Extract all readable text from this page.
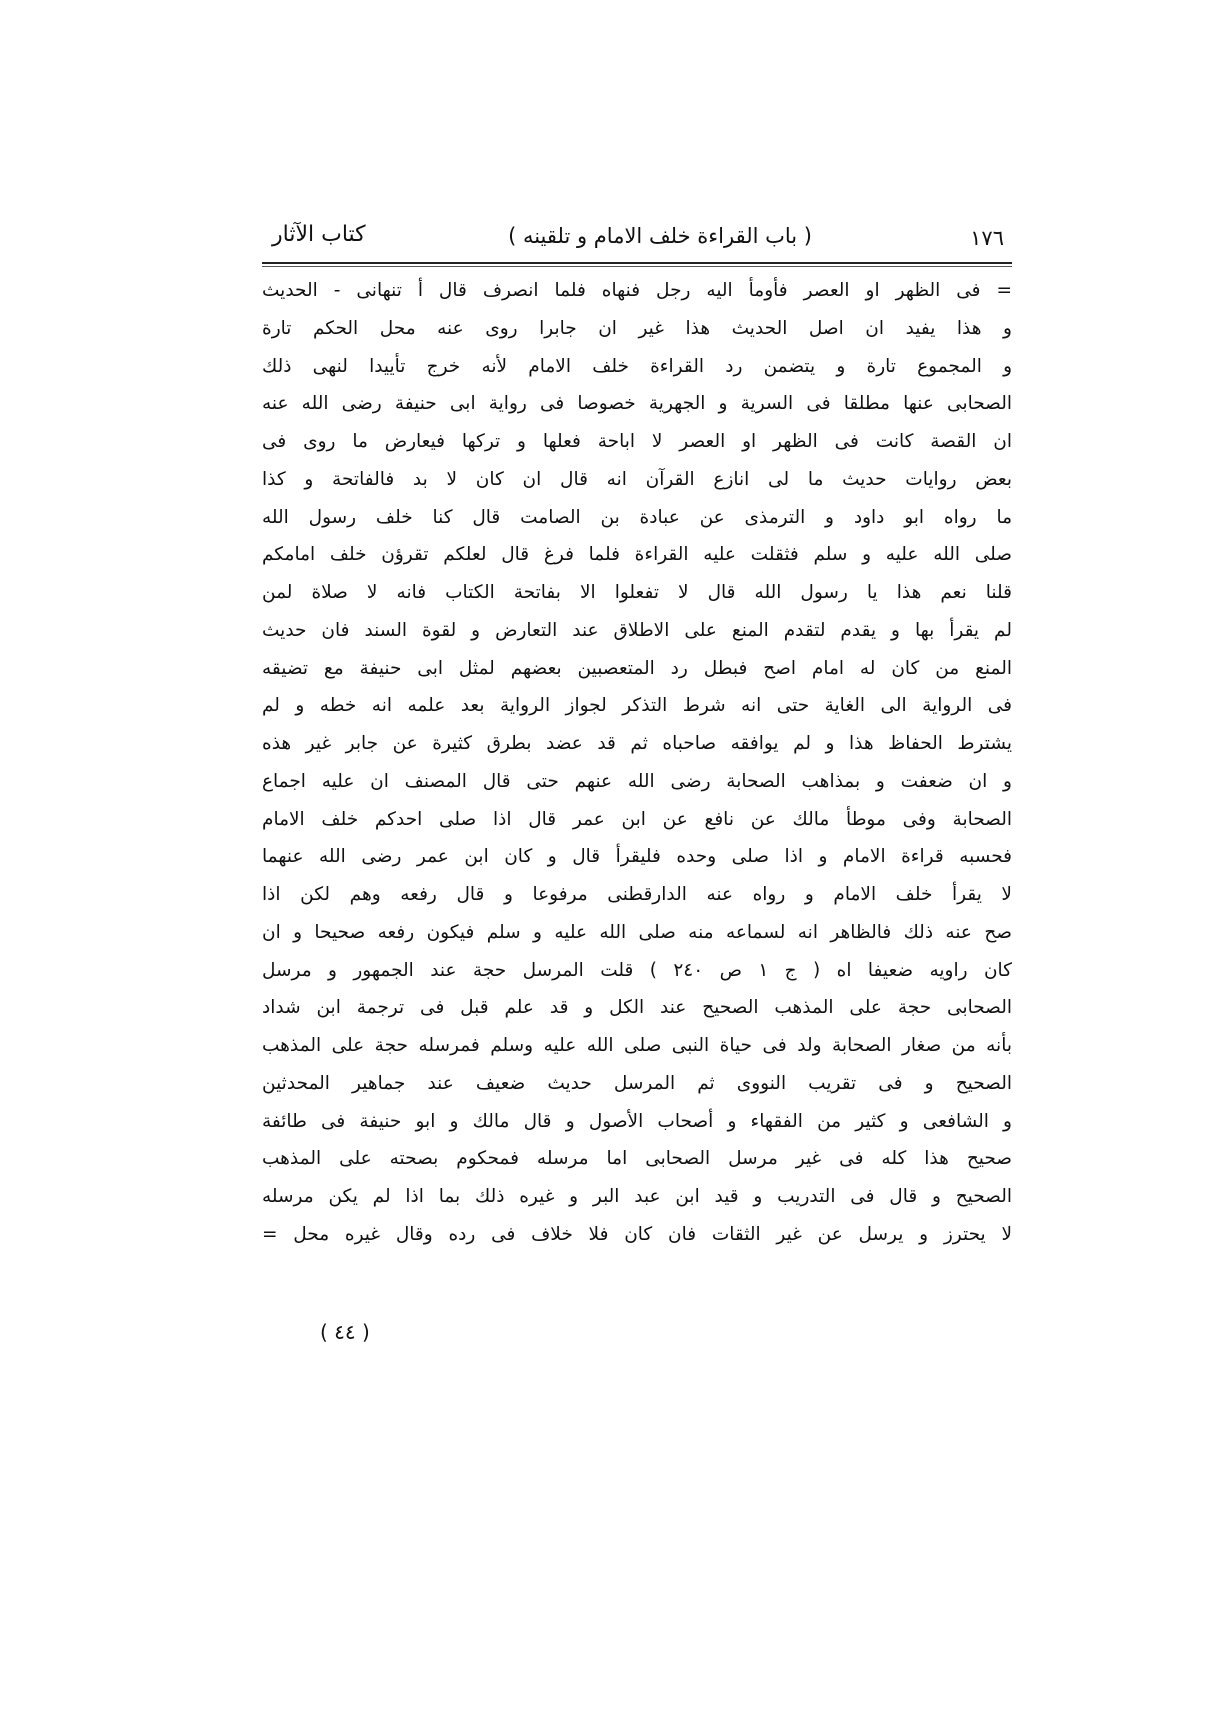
١٧٦
( باب القراءة خلف الامام و تلقينه )
كتاب الآثار
= فى الظهر او العصر فأومأ اليه رجل فنهاه فلما انصرف قال أ تنهانى - الحديث
و هذا يفيد ان اصل الحديث هذا غير ان جابرا روى عنه محل الحكم تارة
و المجموع تارة و يتضمن رد القراءة خلف الامام لأنه خرج تأييدا لنهى ذلك
الصحابى عنها مطلقا فى السرية و الجهرية خصوصا فى رواية ابى حنيفة رضى الله عنه
ان القصة كانت فى الظهر او العصر لا اباحة فعلها و تركها فيعارض ما روى فى
بعض روايات حديث ما لى انازع القرآن انه قال ان كان لا بد فالفاتحة و كذا
ما رواه ابو داود و الترمذى عن عبادة بن الصامت قال كنا خلف رسول الله
صلى الله عليه و سلم فثقلت عليه القراءة فلما فرغ قال لعلكم تقرؤن خلف امامكم
قلنا نعم هذا يا رسول الله قال لا تفعلوا الا بفاتحة الكتاب فانه لا صلاة لمن
لم يقرأ بها و يقدم لتقدم المنع على الاطلاق عند التعارض و لقوة السند فان حديث
المنع من كان له امام اصح فبطل رد المتعصبين بعضهم لمثل ابى حنيفة مع تضيقه
فى الرواية الى الغاية حتى انه شرط التذكر لجواز الرواية بعد علمه انه خطه و لم
يشترط الحفاظ هذا و لم يوافقه صاحباه ثم قد عضد بطرق كثيرة عن جابر غير هذه
و ان ضعفت و بمذاهب الصحابة رضى الله عنهم حتى قال المصنف ان عليه اجماع
الصحابة وفى موطأ مالك عن نافع عن ابن عمر قال اذا صلى احدكم خلف الامام
فحسبه قراءة الامام و اذا صلى وحده فليقرأ قال و كان ابن عمر رضى الله عنهما
لا يقرأ خلف الامام و رواه عنه الدارقطنى مرفوعا و قال رفعه وهم لكن اذا
صح عنه ذلك فالظاهر انه لسماعه منه صلى الله عليه و سلم فيكون رفعه صحيحا و ان
كان راويه ضعيفا اه ( ج ١ ص ٢٤٠ ) قلت المرسل حجة عند الجمهور و مرسل
الصحابى حجة على المذهب الصحيح عند الكل و قد علم قبل فى ترجمة ابن شداد
بأنه من صغار الصحابة ولد فى حياة النبى صلى الله عليه وسلم فمرسله حجة على المذهب
الصحيح و فى تقريب النووى ثم المرسل حديث ضعيف عند جماهير المحدثين
و الشافعى و كثير من الفقهاء و أصحاب الأصول و قال مالك و ابو حنيفة فى طائفة
صحيح هذا كله فى غير مرسل الصحابى اما مرسله فمحكوم بصحته على المذهب
الصحيح و قال فى التدريب و قيد ابن عبد البر و غيره ذلك بما اذا لم يكن مرسله
لا يحترز و يرسل عن غير الثقات فان كان فلا خلاف فى رده وقال غيره محل =
( ٤٤ )
